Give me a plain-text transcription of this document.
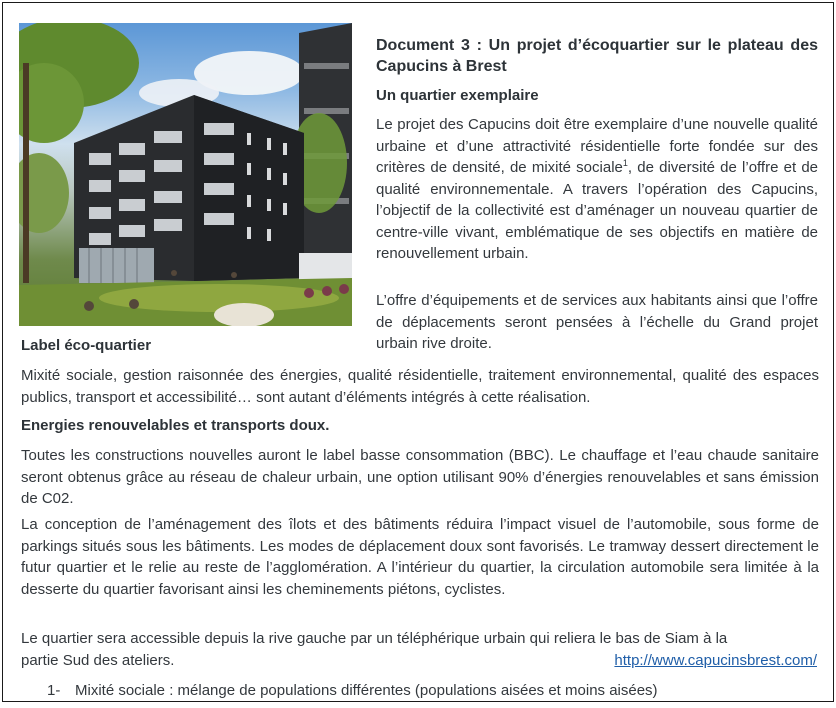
Document 3 : Un projet d’écoquartier sur le plateau des Capucins à Brest
Un quartier exemplaire
Le projet des Capucins doit être exemplaire d’une nouvelle qualité urbaine et d’une attractivité résidentielle forte fondée sur des critères de densité, de mixité sociale$^1$, de diversité de l’offre et de qualité environnementale. A travers l’opération des Capucins, l’objectif de la collectivité est d’aménager un nouveau quartier de centre-ville vivant, emblématique de ses objectifs en matière de renouvellement urbain.
L’offre d’équipements et de services aux habitants ainsi que l’offre de déplacements seront pensées à l’échelle du Grand projet urbain rive droite.
Label éco-quartier
Mixité sociale, gestion raisonnée des énergies, qualité résidentielle, traitement environnemental, qualité des espaces publics, transport et accessibilité… sont autant d’éléments intégrés à cette réalisation.
Energies renouvelables et transports doux.
Toutes les constructions nouvelles auront le label basse consommation (BBC). Le chauffage et l’eau chaude sanitaire seront obtenus grâce au réseau de chaleur urbain, une option utilisant 90% d’énergies renouvelables et sans émission de C02.
La conception de l’aménagement des îlots et des bâtiments réduira l’impact visuel de l’automobile, sous forme de parkings situés sous les bâtiments. Les modes de déplacement doux sont favorisés. Le tramway dessert directement le futur quartier et le relie au reste de l’agglomération. A l’intérieur du quartier, la circulation automobile sera limitée à la desserte du quartier favorisant ainsi les cheminements piétons, cyclistes.
Le quartier sera accessible depuis la rive gauche par un téléphérique urbain qui reliera le bas de Siam à la
partie Sud des ateliers.	http://www.capucinsbrest.com/
1- Mixité sociale : mélange de populations différentes (populations aisées et moins aisées)
